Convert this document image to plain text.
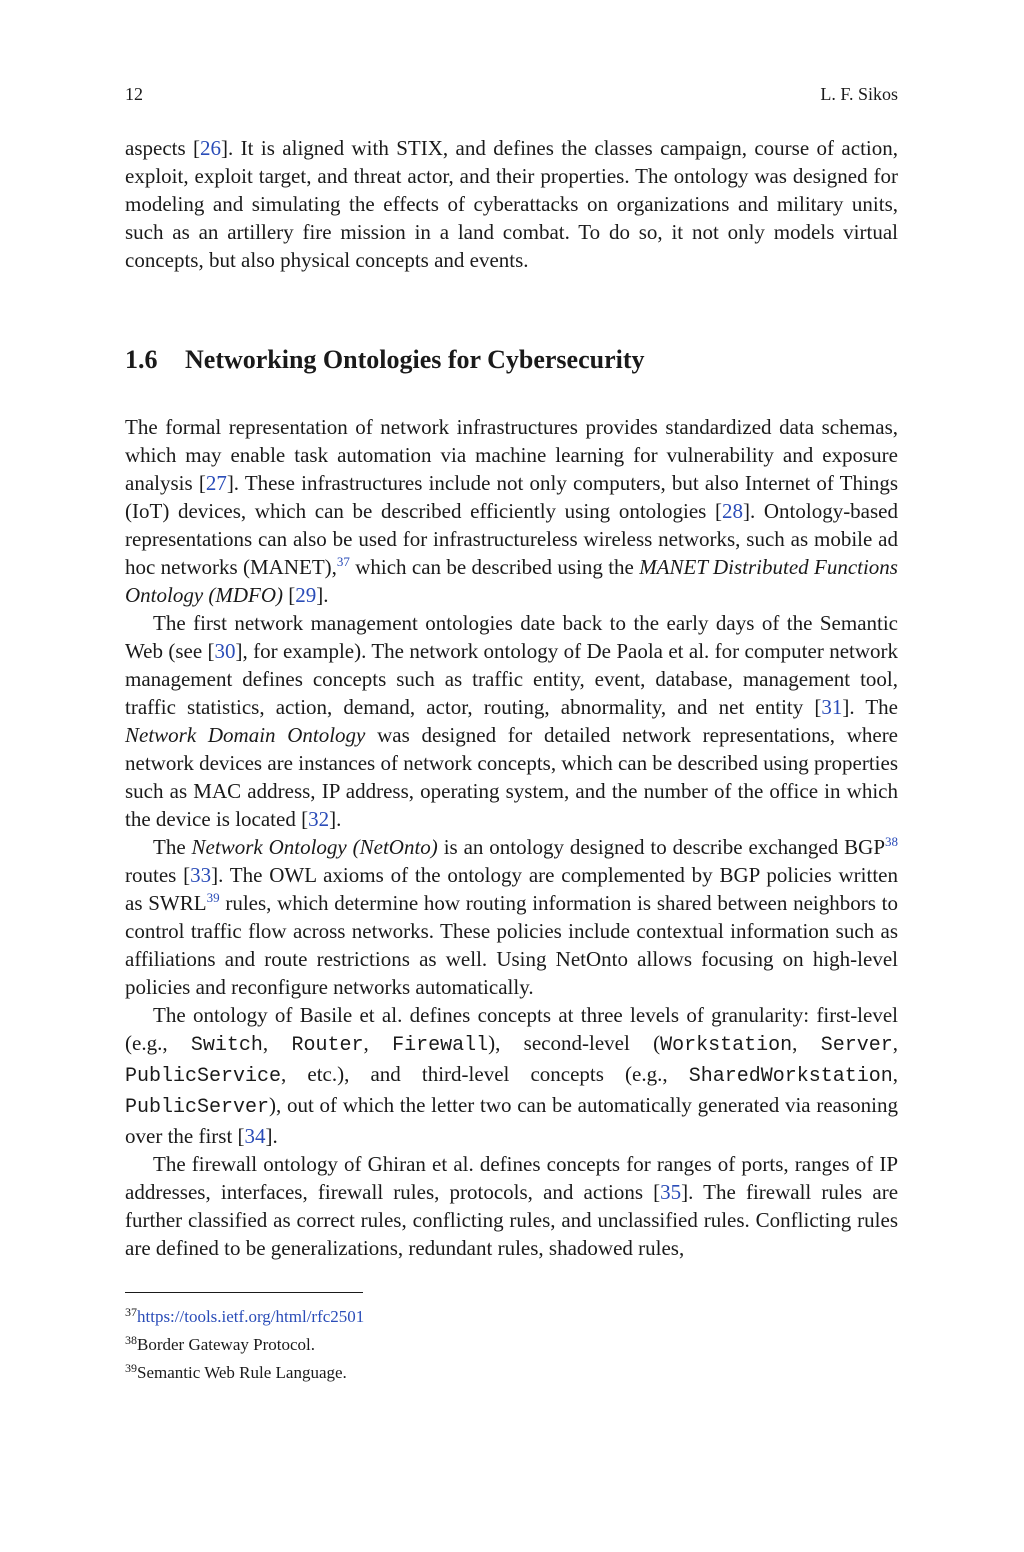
12	L. F. Sikos

aspects [26]. It is aligned with STIX, and defines the classes campaign, course of action, exploit, exploit target, and threat actor, and their properties. The ontology was designed for modeling and simulating the effects of cyberattacks on organizations and military units, such as an artillery fire mission in a land combat. To do so, it not only models virtual concepts, but also physical concepts and events.

1.6 Networking Ontologies for Cybersecurity

The formal representation of network infrastructures provides standardized data schemas, which may enable task automation via machine learning for vulnerability and exposure analysis [27]. These infrastructures include not only computers, but also Internet of Things (IoT) devices, which can be described efficiently using ontologies [28]. Ontology-based representations can also be used for infrastructureless wireless networks, such as mobile ad hoc networks (MANET),$^{37}$ which can be described using the MANET Distributed Functions Ontology (MDFO) [29].

The first network management ontologies date back to the early days of the Semantic Web (see [30], for example). The network ontology of De Paola et al. for computer network management defines concepts such as traffic entity, event, database, management tool, traffic statistics, action, demand, actor, routing, abnormality, and net entity [31]. The Network Domain Ontology was designed for detailed network representations, where network devices are instances of network concepts, which can be described using properties such as MAC address, IP address, operating system, and the number of the office in which the device is located [32].

The Network Ontology (NetOnto) is an ontology designed to describe exchanged BGP$^{38}$ routes [33]. The OWL axioms of the ontology are complemented by BGP policies written as SWRL$^{39}$ rules, which determine how routing information is shared between neighbors to control traffic flow across networks. These policies include contextual information such as affiliations and route restrictions as well. Using NetOnto allows focusing on high-level policies and reconfigure networks automatically.

The ontology of Basile et al. defines concepts at three levels of granularity: first-level (e.g., Switch, Router, Firewall), second-level (Workstation, Server, PublicService, etc.), and third-level concepts (e.g., SharedWorkstation, PublicServer), out of which the letter two can be automatically generated via reasoning over the first [34].

The firewall ontology of Ghiran et al. defines concepts for ranges of ports, ranges of IP addresses, interfaces, firewall rules, protocols, and actions [35]. The firewall rules are further classified as correct rules, conflicting rules, and unclassified rules. Conflicting rules are defined to be generalizations, redundant rules, shadowed rules,

$^{37}$https://tools.ietf.org/html/rfc2501
$^{38}$Border Gateway Protocol.
$^{39}$Semantic Web Rule Language.
